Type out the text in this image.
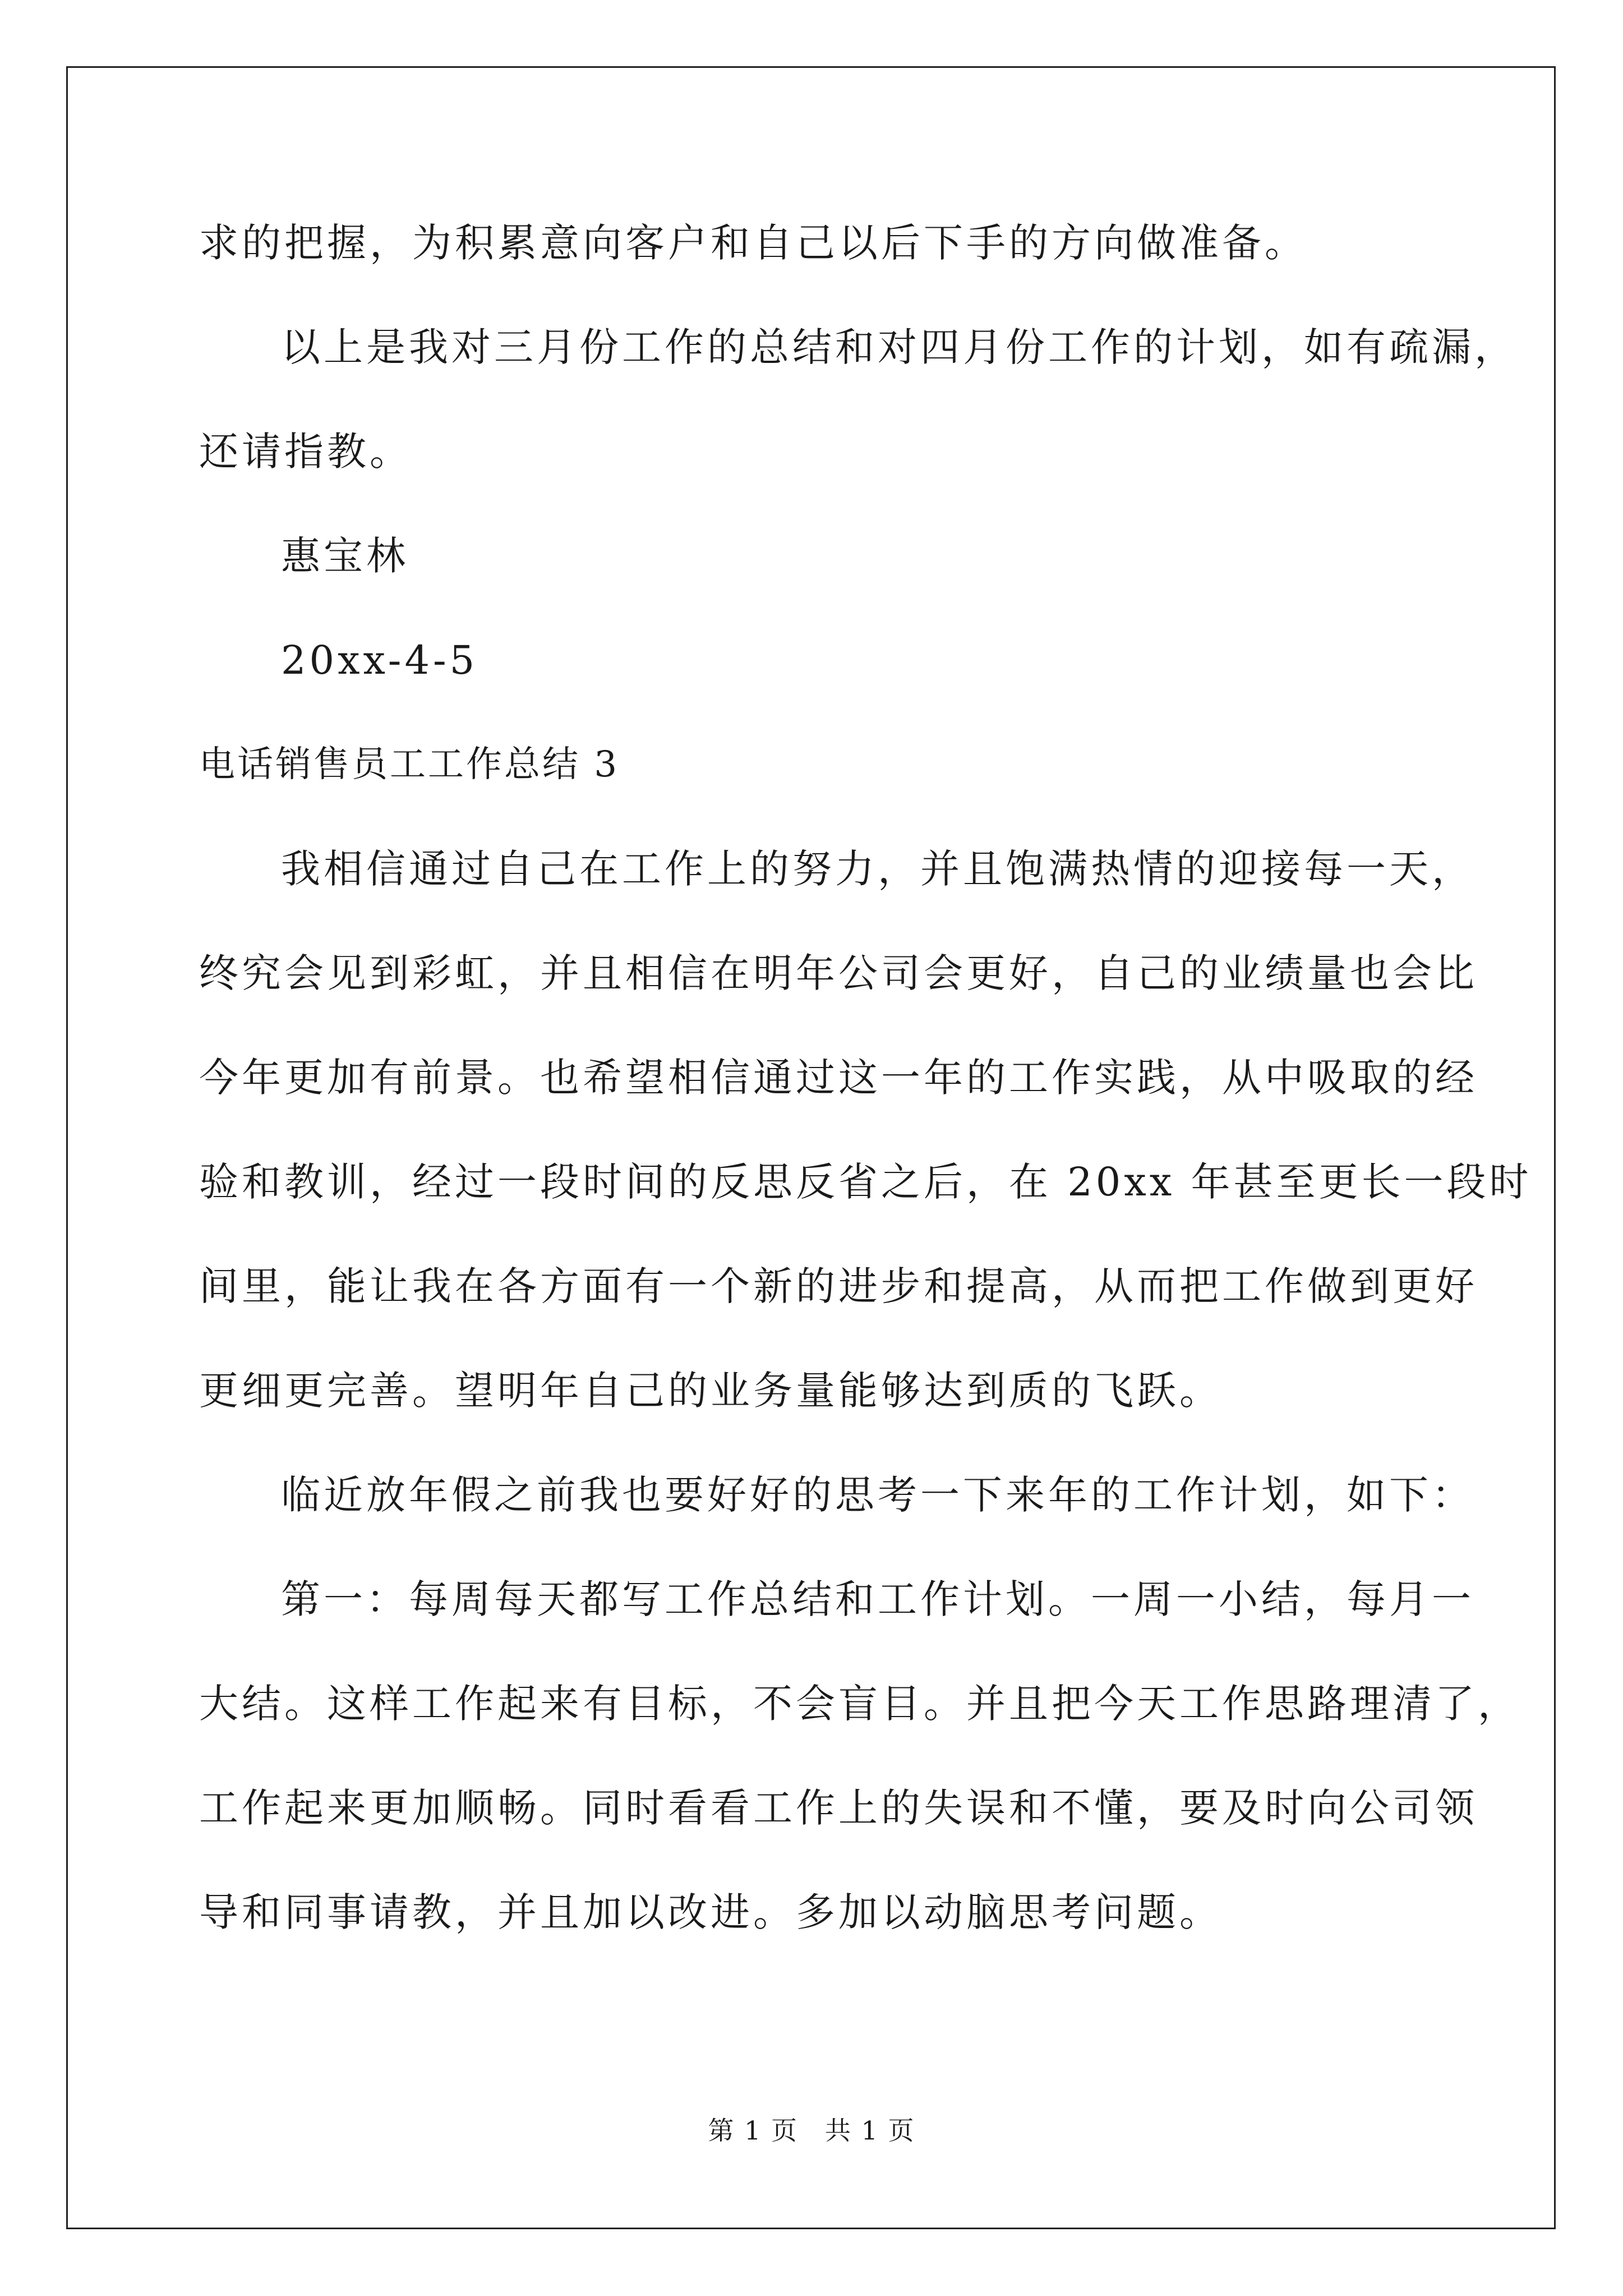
求的把握，为积累意向客户和自己以后下手的方向做准备。
以上是我对三月份工作的总结和对四月份工作的计划，如有疏漏，
还请指教。
惠宝林
20xx-4-5
电话销售员工工作总结 3
我相信通过自己在工作上的努力，并且饱满热情的迎接每一天，
终究会见到彩虹，并且相信在明年公司会更好，自己的业绩量也会比
今年更加有前景。也希望相信通过这一年的工作实践，从中吸取的经
验和教训，经过一段时间的反思反省之后，在 20xx 年甚至更长一段时
间里，能让我在各方面有一个新的进步和提高，从而把工作做到更好
更细更完善。望明年自己的业务量能够达到质的飞跃。
临近放年假之前我也要好好的思考一下来年的工作计划，如下：
第一：每周每天都写工作总结和工作计划。一周一小结，每月一
大结。这样工作起来有目标，不会盲目。并且把今天工作思路理清了，
工作起来更加顺畅。同时看看工作上的失误和不懂，要及时向公司领
导和同事请教，并且加以改进。多加以动脑思考问题。
第 1 页　共 1 页
